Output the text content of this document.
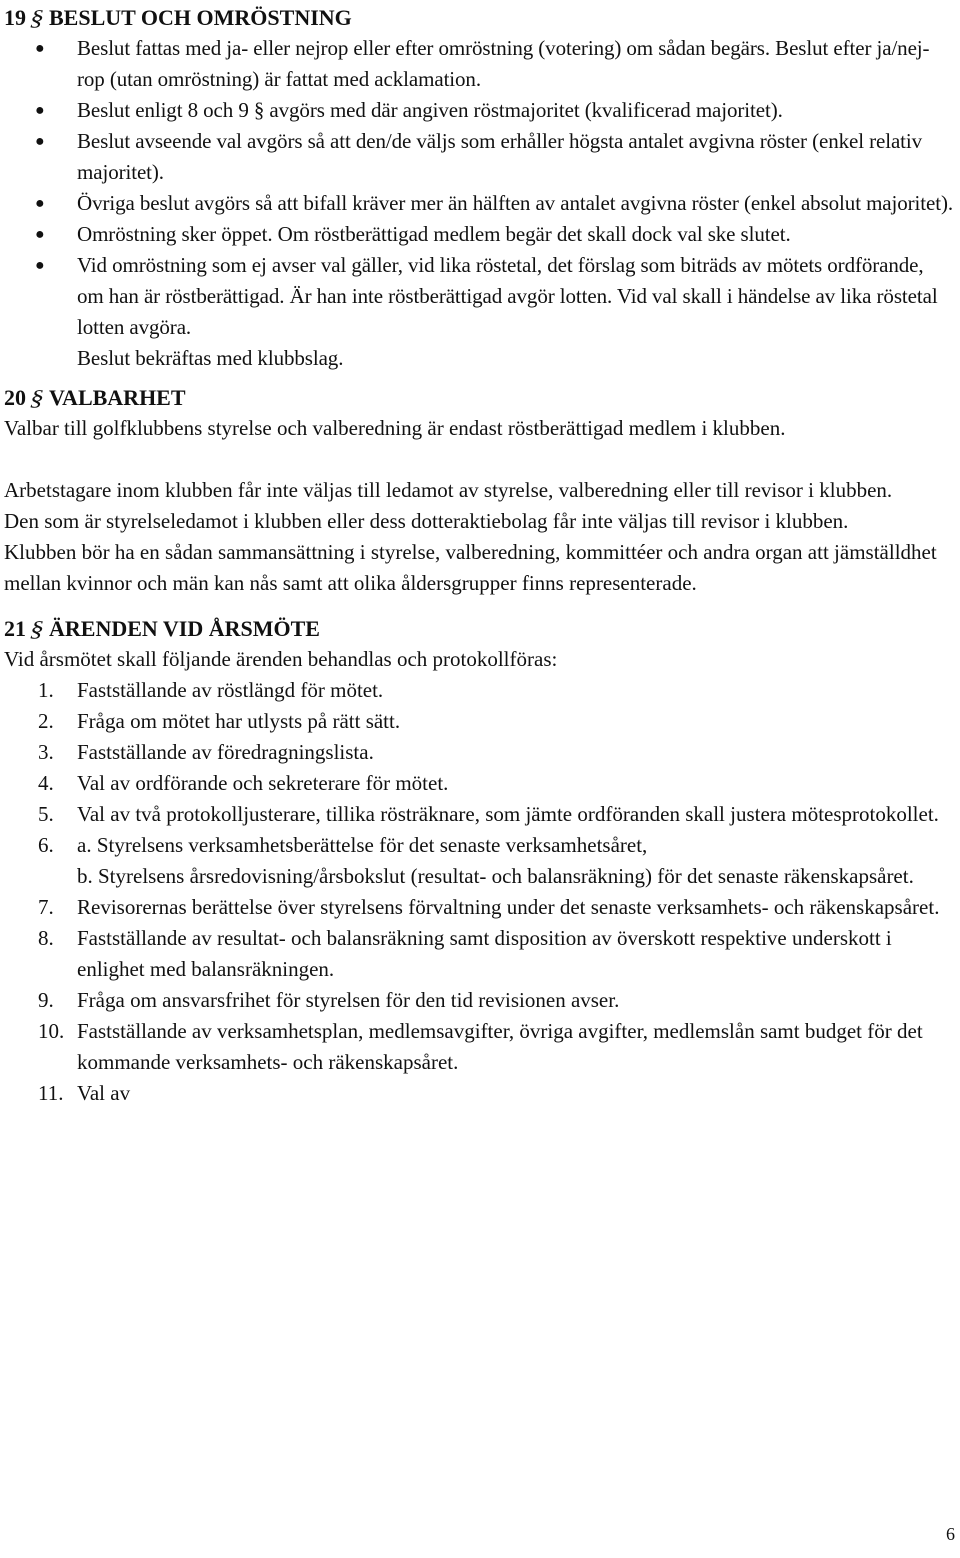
19§BESLUT OCH OMRÖSTNING
● Beslut fattas med ja- eller nejrop eller efter omröstning (votering) om sådan begärs. Beslut efter ja/nej-rop (utan omröstning) är fattat med acklamation.
● Beslut enligt 8 och 9 § avgörs med där angiven röstmajoritet (kvalificerad majoritet).
● Beslut avseende val avgörs så att den/de väljs som erhåller högsta antalet avgivna röster (enkel relativ majoritet).
● Övriga beslut avgörs så att bifall kräver mer än hälften av antalet avgivna röster (enkel absolut majoritet).
● Omröstning sker öppet. Om röstberättigad medlem begär det skall dock val ske slutet.
● Vid omröstning som ej avser val gäller, vid lika röstetal, det förslag som biträds av mötets ordförande, om han är röstberättigad. Är han inte röstberättigad avgör lotten. Vid val skall i händelse av lika röstetal lotten avgöra.
Beslut bekräftas med klubbslag.
20§VALBARHET

Valbar till golfklubbens styrelse och valberedning är endast röstberättigad medlem i klubben.

Arbetstagare inom klubben får inte väljas till ledamot av styrelse, valberedning eller till revisor i klubben.

Den som är styrelseledamot i klubben eller dess dotteraktiebolag får inte väljas till revisor i klubben.

Klubben bör ha en sådan sammansättning i styrelse, valberedning, kommittéer och andra organ att jämställdhet mellan kvinnor och män kan nås samt att olika åldersgrupper finns representerade.

21§ÄRENDEN VID ÅRSMÖTE

Vid årsmötet skall följande ärenden behandlas och protokollföras:

1. Fastställande av röstlängd för mötet.
2. Fråga om mötet har utlysts på rätt sätt.
3. Fastställande av föredragningslista.
4. Val av ordförande och sekreterare för mötet.
5. Val av två protokolljusterare, tillika rösträknare, som jämte ordföranden skall justera mötesprotokollet.
6. a. Styrelsens verksamhetsberättelse för det senaste verksamhetsåret,
b. Styrelsens årsredovisning/årsbokslut (resultat- och balansräkning) för det senaste räkenskapsåret.
7. Revisorernas berättelse över styrelsens förvaltning under det senaste verksamhets- och räkenskapsåret.
8. Fastställande av resultat- och balansräkning samt disposition av överskott respektive underskott i enlighet med balansräkningen.
9. Fråga om ansvarsfrihet för styrelsen för den tid revisionen avser.
10. Fastställande av verksamhetsplan, medlemsavgifter, övriga avgifter, medlemslån samt budget för det kommande verksamhets- och räkenskapsåret.
11. Val av
6
